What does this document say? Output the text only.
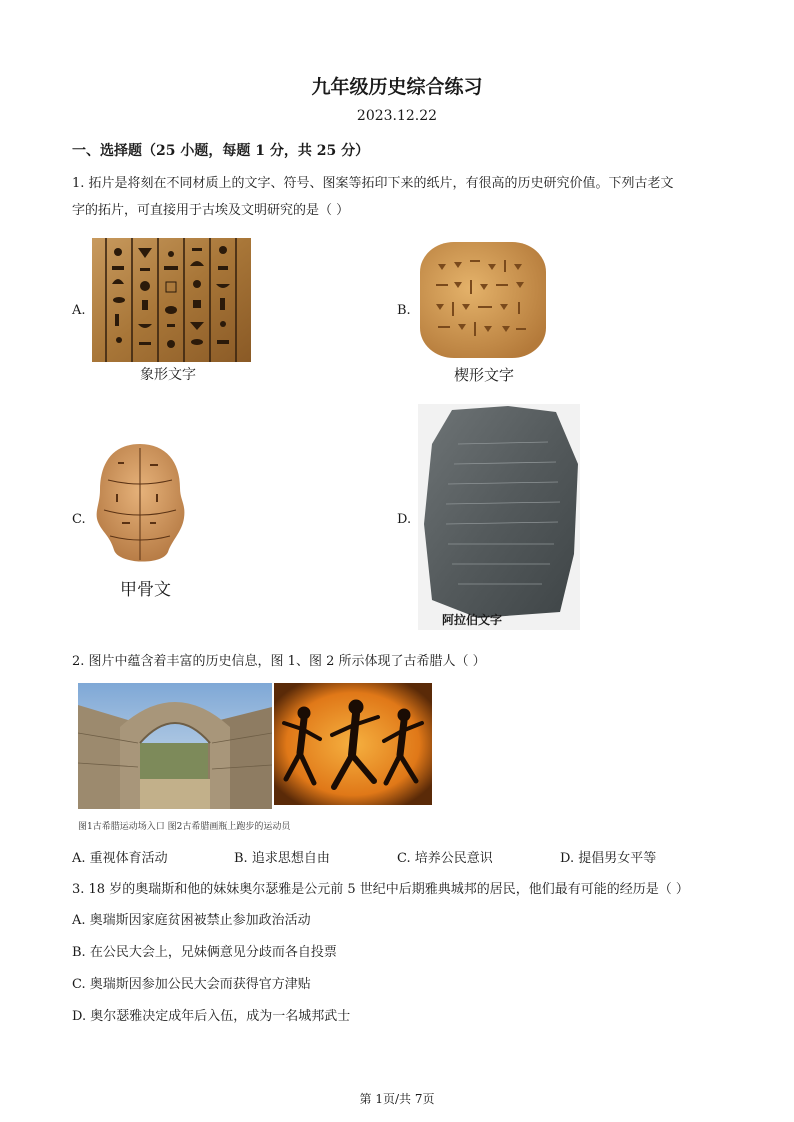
九年级历史综合练习
2023.12.22
一、选择题（25 小题，每题 1 分，共 25 分）
1. 拓片是将刻在不同材质上的文字、符号、图案等拓印下来的纸片，有很高的历史研究价值。下列古老文
字的拓片，可直接用于古埃及文明研究的是（ ）
A.
象形文字
B.
楔形文字
C.
甲骨文
D.
阿拉伯文字
2. 图片中蕴含着丰富的历史信息，图 1、图 2 所示体现了古希腊人（ ）
图1古希腊运动场入口 图2古希腊画瓶上跑步的运动员
A. 重视体育活动	B. 追求思想自由	C. 培养公民意识	D. 提倡男女平等
3. 18 岁的奥瑞斯和他的妹妹奥尔瑟雅是公元前 5 世纪中后期雅典城邦的居民，他们最有可能的经历是（ ）
A. 奥瑞斯因家庭贫困被禁止参加政治活动
B. 在公民大会上，兄妹俩意见分歧而各自投票
C. 奥瑞斯因参加公民大会而获得官方津贴
D. 奥尔瑟雅决定成年后入伍，成为一名城邦武士
第 1页/共 7页
